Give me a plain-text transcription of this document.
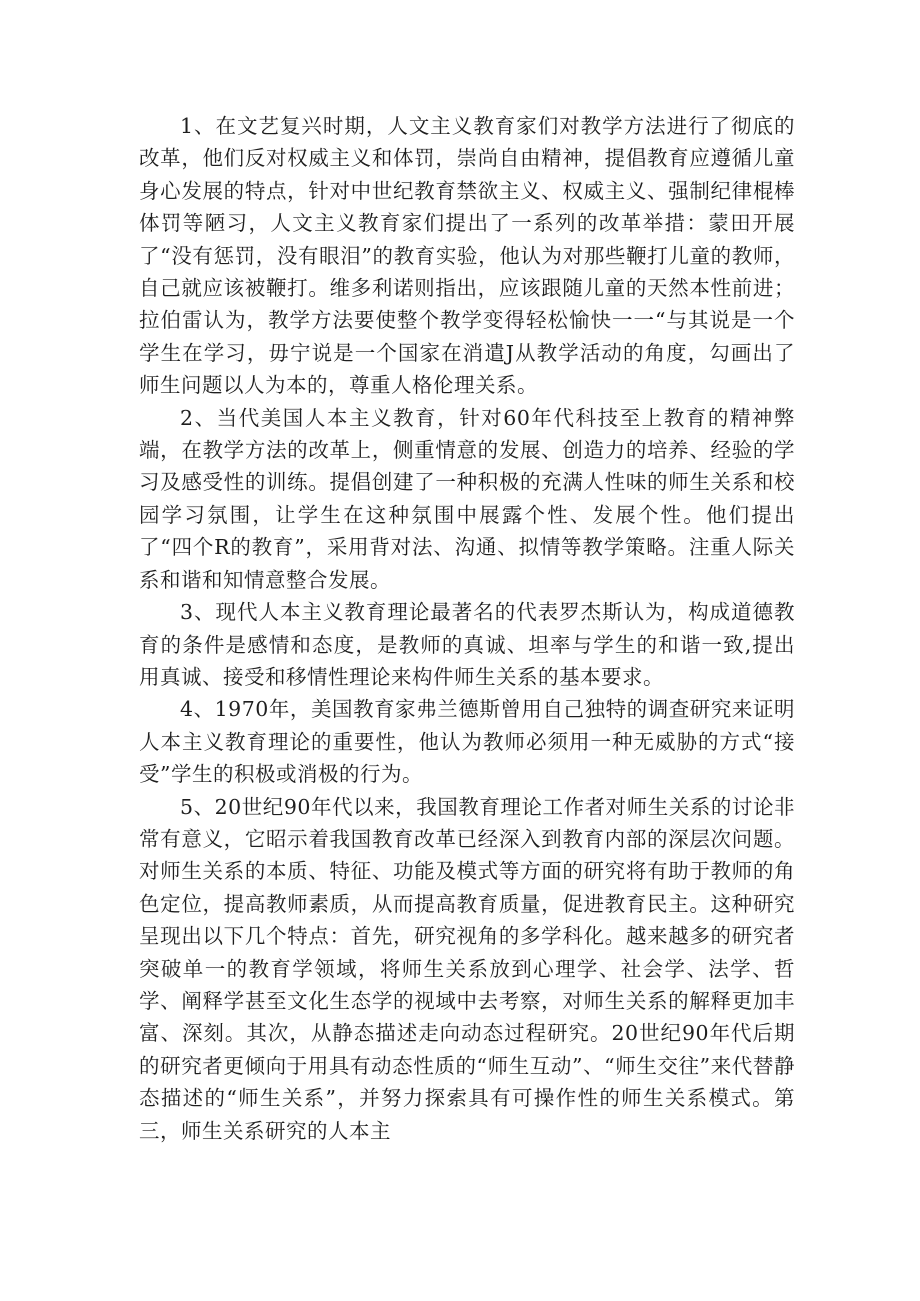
1、在文艺复兴时期，人文主义教育家们对教学方法进行了彻底的改革，他们反对权威主义和体罚，崇尚自由精神，提倡教育应遵循儿童身心发展的特点，针对中世纪教育禁欲主义、权威主义、强制纪律棍棒体罚等陋习，人文主义教育家们提出了一系列的改革举措：蒙田开展了“没有惩罚，没有眼泪”的教育实验，他认为对那些鞭打儿童的教师，自己就应该被鞭打。维多利诺则指出，应该跟随儿童的天然本性前进；拉伯雷认为，教学方法要使整个教学变得轻松愉快一一“与其说是一个学生在学习，毋宁说是一个国家在消遣J从教学活动的角度，勾画出了师生问题以人为本的，尊重人格伦理关系。

2、当代美国人本主义教育，针对60年代科技至上教育的精神弊端，在教学方法的改革上，侧重情意的发展、创造力的培养、经验的学习及感受性的训练。提倡创建了一种积极的充满人性味的师生关系和校园学习氛围，让学生在这种氛围中展露个性、发展个性。他们提出了“四个R的教育”，采用背对法、沟通、拟情等教学策略。注重人际关系和谐和知情意整合发展。

3、现代人本主义教育理论最著名的代表罗杰斯认为，构成道德教育的条件是感情和态度，是教师的真诚、坦率与学生的和谐一致,提出用真诚、接受和移情性理论来构件师生关系的基本要求。

4、1970年，美国教育家弗兰德斯曾用自己独特的调查研究来证明人本主义教育理论的重要性，他认为教师必须用一种无威胁的方式“接受”学生的积极或消极的行为。

5、20世纪90年代以来，我国教育理论工作者对师生关系的讨论非常有意义，它昭示着我国教育改革已经深入到教育内部的深层次问题。对师生关系的本质、特征、功能及模式等方面的研究将有助于教师的角色定位，提高教师素质，从而提高教育质量，促进教育民主。这种研究呈现出以下几个特点：首先，研究视角的多学科化。越来越多的研究者突破单一的教育学领域，将师生关系放到心理学、社会学、法学、哲学、阐释学甚至文化生态学的视域中去考察，对师生关系的解释更加丰富、深刻。其次，从静态描述走向动态过程研究。20世纪90年代后期的研究者更倾向于用具有动态性质的“师生互动”、“师生交往”来代替静态描述的“师生关系”，并努力探索具有可操作性的师生关系模式。第三，师生关系研究的人本主
